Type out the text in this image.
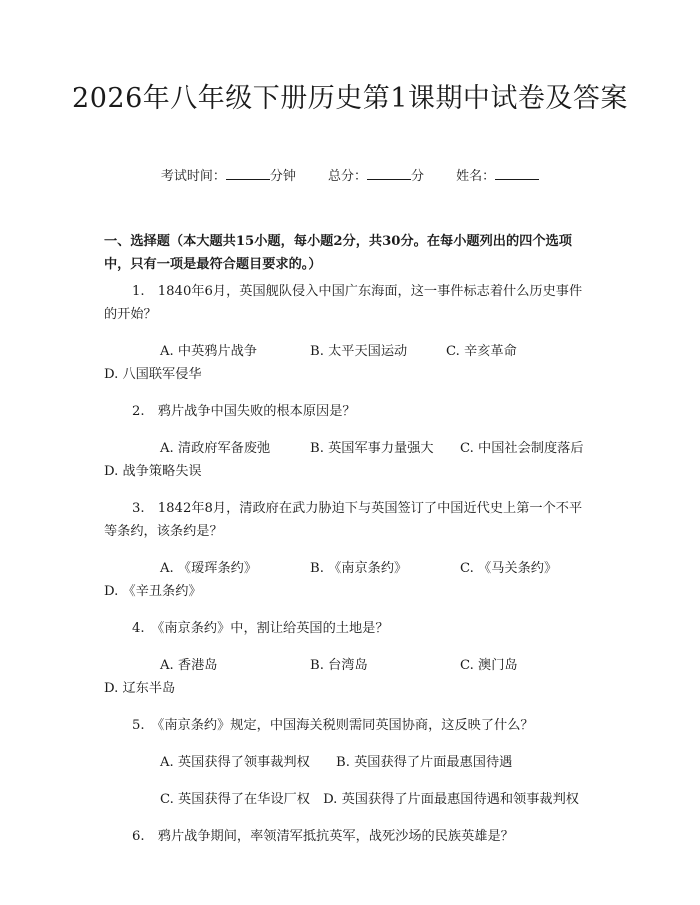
2026年八年级下册历史第1课期中试卷及答案
考试时间：	分钟 总分：	分 姓名：

一、选择题（本大题共15小题，每小题2分，共30分。在每小题列出的四个选项中，只有一项是最符合题目要求的。）

1.　1840年6月，英国舰队侵入中国广东海面，这一事件标志着什么历史事件的开始？

A. 中英鸦片战争	B. 太平天国运动	C. 辛亥革命
D. 八国联军侵华

2.　鸦片战争中国失败的根本原因是？

A. 清政府军备废弛	B. 英国军事力量强大 C. 中国社会制度落后
D. 战争策略失误

3.　1842年8月，清政府在武力胁迫下与英国签订了中国近代史上第一个不平等条约，该条约是？

A. 《瑷珲条约》	B. 《南京条约》	C. 《马关条约》
D. 《辛丑条约》

4.　《南京条约》中，割让给英国的土地是？

A. 香港岛	B. 台湾岛	C. 澳门岛
D. 辽东半岛

5.　《南京条约》规定，中国海关税则需同英国协商，这反映了什么？

A. 英国获得了领事裁判权 B. 英国获得了片面最惠国待遇

C. 英国获得了在华设厂权　 D. 英国获得了片面最惠国待遇和领事裁判权

6.　鸦片战争期间，率领清军抵抗英军，战死沙场的民族英雄是？
